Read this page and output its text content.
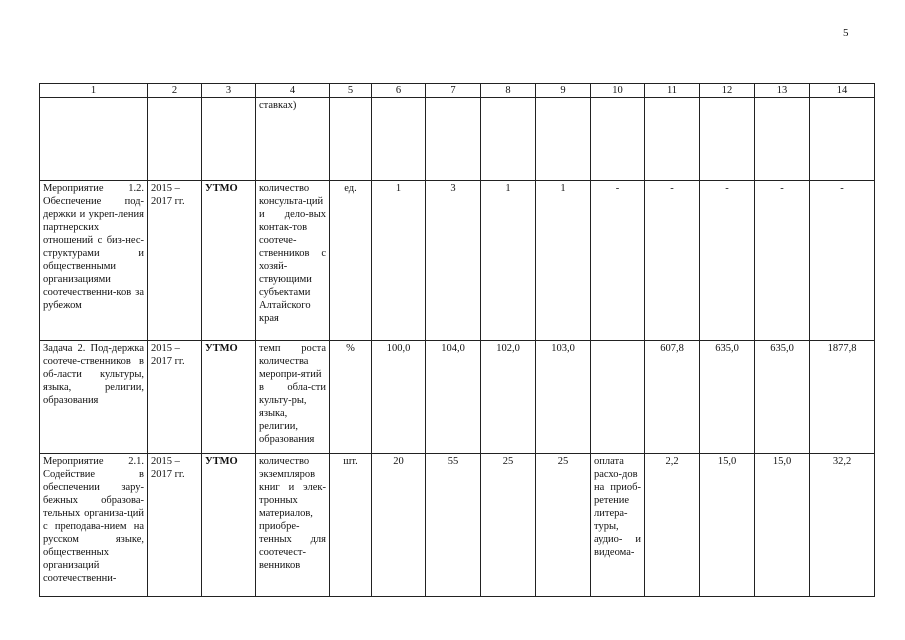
5
1	2	3	4	5	6	7	8	9	10	11	12	13	14
			ставках)										
Мероприятие 1.2. Обеспечение под-держки и укреп-ления партнерских отношений с биз-нес-структурами и общественными организациями соотечественни-ков за рубежом	2015 – 2017 гг.	УТМО	количество консульта-ций и дело-вых контак-тов соотече-ственников с хозяй-ствующими субъектами Алтайского края	ед.	1	3	1	1	-	-	-	-	-
Задача 2. Под-держка соотече-ственников в об-ласти культуры, языка, религии, образования	2015 – 2017 гг.	УТМО	темп роста количества меропри-ятий в обла-сти культу-ры, языка, религии, образования	%	100,0	104,0	102,0	103,0		607,8	635,0	635,0	1877,8
Мероприятие 2.1. Содействие в обеспечении зару-бежных образова-тельных организа-ций с преподава-нием на русском языке, общественных организаций соотечественни-	2015 – 2017 гг.	УТМО	количество экземпляров книг и элек-тронных материалов, приобре-тенных для соотечест-венников	шт.	20	55	25	25	оплата расхо-дов на приоб-ретение литера-туры, аудио- и видеома-	2,2	15,0	15,0	32,2
